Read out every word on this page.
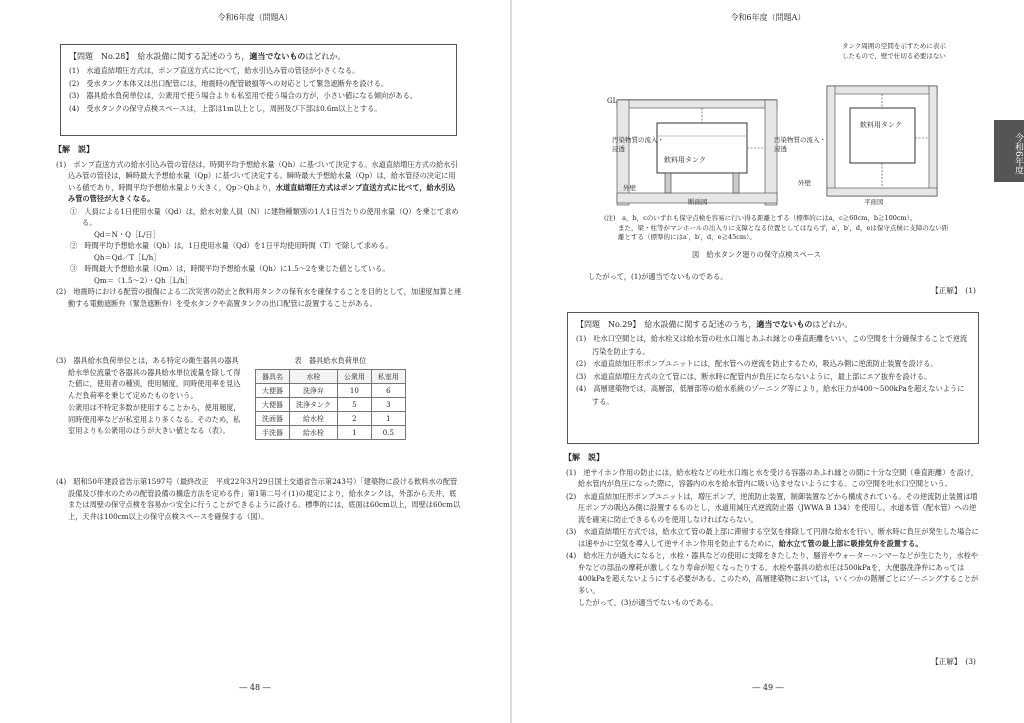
令和6年度（問題A）
【問題　No.28】　給水設備に関する記述のうち，適当でないものはどれか。
(1)　水道直結増圧方式は，ポンプ直送方式に比べて，給水引込み管の管径が小さくなる。
(2)　受水タンク本体又は出口配管には，地震時の配管破損等への対応として緊急遮断弁を設ける。
(3)　器具給水負荷単位は，公衆用で使う場合よりも私室用で使う場合の方が，小さい値になる傾向がある。
(4)　受水タンクの保守点検スペースは，上部は1m以上とし，周囲及び下部は0.6m以上とする。
【解　説】
(1)　ポンプ直送方式の給水引込み管の管径は，時間平均予想給水量（Qh）に基づいて決定する。水道直結増圧方式の給水引込み管の管径は，瞬時最大予想給水量（Qp）に基づいて決定する。瞬時最大予想給水量（Qp）は，給水管径の決定に用いる値であり，時間平均予想給水量より大きく，Qp＞Qhより，水道直結増圧方式はポンプ直送方式に比べて，給水引込み管の管径が大きくなる。
①　人員による1日使用水量（Qd）は，給水対象人員（N）に建物種類別の1人1日当たりの使用水量（Q）を乗じて求める。
Qd＝N・Q［L/日］
②　時間平均予想給水量（Qh）は，1日使用水量（Qd）を1日平均使用時間（T）で除して求める。
Qh＝Qd／T［L/h］
③　時間最大予想給水量（Qm）は，時間平均予想給水量（Qh）に1.5～2を乗じた値としている。
Qm＝（1.5～2）・Qh［L/h］
(2)　地震時における配管の損傷による二次災害の防止と飲料用タンクの保有水を確保することを目的として，加速度加算と連動する電動遮断弁（緊急遮断弁）を受水タンクや高置タンクの出口配管に設置することがある。
(3)　器具給水負荷単位とは，ある特定の衛生器具の器具給水単位流量で各器具の器具給水単位流量を除して得た値に，使用者の種別，使用頻度，同時使用率を見込んだ負荷率を乗じて定めたものをいう。
公衆用は不特定多数が使用することから，使用頻度，同時使用率などが私室用より多くなる。そのため，私室用よりも公衆用のほうが大きい値となる（表）。
表　器具給水負荷単位
器具名	水栓	公衆用	私室用
大便器	洗浄弁	10	6
大便器	洗浄タンク	5	3
洗面器	給水栓	2	1
手洗器	給水栓	1	0.5
(4)　昭和50年建設省告示第1597号（最終改正　平成22年3月29日国土交通省告示第243号）「建築物に設ける飲料水の配管設備及び排水のための配管設備の構造方法を定める件」第1第二号イ(1)の規定により，給水タンクは，外部から天井，底または周壁の保守点検を容易かつ安全に行うことができるように設ける。標準的には，底面は60cm以上，周壁は60cm以上，天井は100cm以上の保守点検スペースを確保する（図）。
― 48 ―
令和6年度（問題A）
令和6年度
GL
飲料用タンク
汚染物質の流入・浸透
外壁
断面図
飲料用タンク
汚染物質の流入・浸透
外壁
平面図
タンク周囲の空間を示すために表示したもので，壁で仕切る必要はない
(注)　a，b，cのいずれも保守点検を容易に行い得る距離とする（標準的にはa，c≧60cm，b≧100cm）。
また，梁・柱等がマンホールの出入りに支障となる位置としてはならず，a′，b′，d，eは保守点検に支障のない距離とする（標準的にはa′，b′，d，e≧45cm）。
図　給水タンク廻りの保守点検スペース
したがって，(1)が適当でないものである。
【正解】　(1)
【問題　No.29】　給水設備に関する記述のうち，適当でないものはどれか。
(1)　吐水口空間とは，給水栓又は給水管の吐水口端とあふれ縁との垂直距離をいい，この空間を十分確保することで逆流汚染を防止する。
(2)　水道直結加圧形ポンプユニットには，配水管への逆流を防止するため，吸込み側に逆流防止装置を設ける。
(3)　水道直結増圧方式の立て管には，断水時に配管内が負圧にならないように，最上部にエア抜弁を設ける。
(4)　高層建築物では，高層部，低層部等の給水系統のゾーニング等により，給水圧力が400～500kPaを超えないようにする。
【解　説】
(1)　逆サイホン作用の防止には，給水栓などの吐水口端と水を受ける容器のあふれ縁との間に十分な空間（垂直距離）を設け，給水管内が負圧になった際に，容器内の水を給水管内に吸い込ませないようにする。この空間を吐水口空間という。
(2)　水道直結加圧形ポンプユニットは，増圧ポンプ，逆流防止装置，制御装置などから構成されている。その逆流防止装置は増圧ポンプの吸込み側に設置するものとし，水道用減圧式逆流防止器（JWWA B 134）を使用し，水道本管（配水管）への逆流を確実に防止できるものを使用しなければならない。
(3)　水道直結増圧方式では，給水立て管の最上部に滞留する空気を排除して円滑な給水を行い，断水時に負圧が発生した場合には速やかに空気を導入して逆サイホン作用を防止するために，給水立て管の最上部に吸排気弁を設置する。
(4)　給水圧力が過大になると，水栓・器具などの使用に支障をきたしたり，騒音やウォーターハンマーなどが生じたり，水栓や弁などの部品の摩耗が激しくなり寿命が短くなったりする。水栓や器具の給水圧は500kPaを，大便器洗浄弁にあっては400kPaを超えないようにする必要がある。このため，高層建築物においては，いくつかの階層ごとにゾーニングすることが多い。
したがって，(3)が適当でないものである。
【正解】　(3)
― 49 ―
